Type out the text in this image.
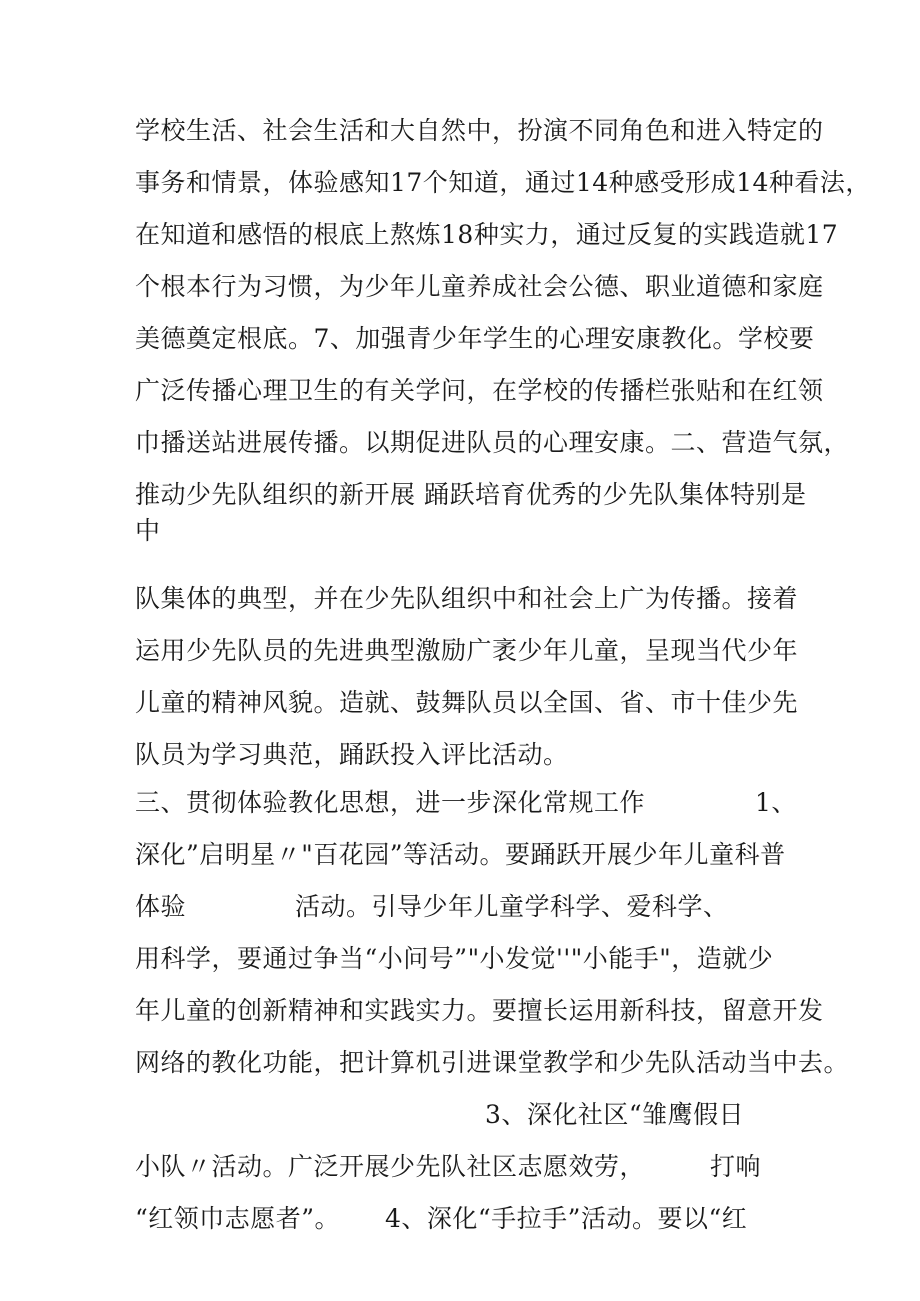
学校生活、社会生活和大自然中，扮演不同角色和进入特定的

事务和情景，体验感知17个知道，通过14种感受形成14种看法，

在知道和感悟的根底上熬炼18种实力，通过反复的实践造就17

个根本行为习惯，为少年儿童养成社会公德、职业道德和家庭

美德奠定根底。7、加强青少年学生的心理安康教化。学校要

广泛传播心理卫生的有关学问，在学校的传播栏张贴和在红领

巾播送站进展传播。以期促进队员的心理安康。二、营造气氛，

推动少先队组织的新开展 踊跃培育优秀的少先队集体特别是

中

队集体的典型，并在少先队组织中和社会上广为传播。接着

运用少先队员的先进典型激励广袤少年儿童，呈现当代少年

儿童的精神风貌。造就、鼓舞队员以全国、省、市十佳少先

队员为学习典范，踊跃投入评比活动。

三、贯彻体验教化思想，进一步深化常规工作	1、

深化”启明星〃"百花园”等活动。要踊跃开展少年儿童科普

体验	活动。引导少年儿童学科学、爱科学、

用科学，要通过争当“小问号”"小发觉''"小能手"，造就少

年儿童的创新精神和实践实力。要擅长运用新科技，留意开发

网络的教化功能，把计算机引进课堂教学和少先队活动当中去。

3、深化社区“雏鹰假日

小队〃活动。广泛开展少先队社区志愿效劳，	打响

“红领巾志愿者”。 4、深化“手拉手”活动。要以“红
